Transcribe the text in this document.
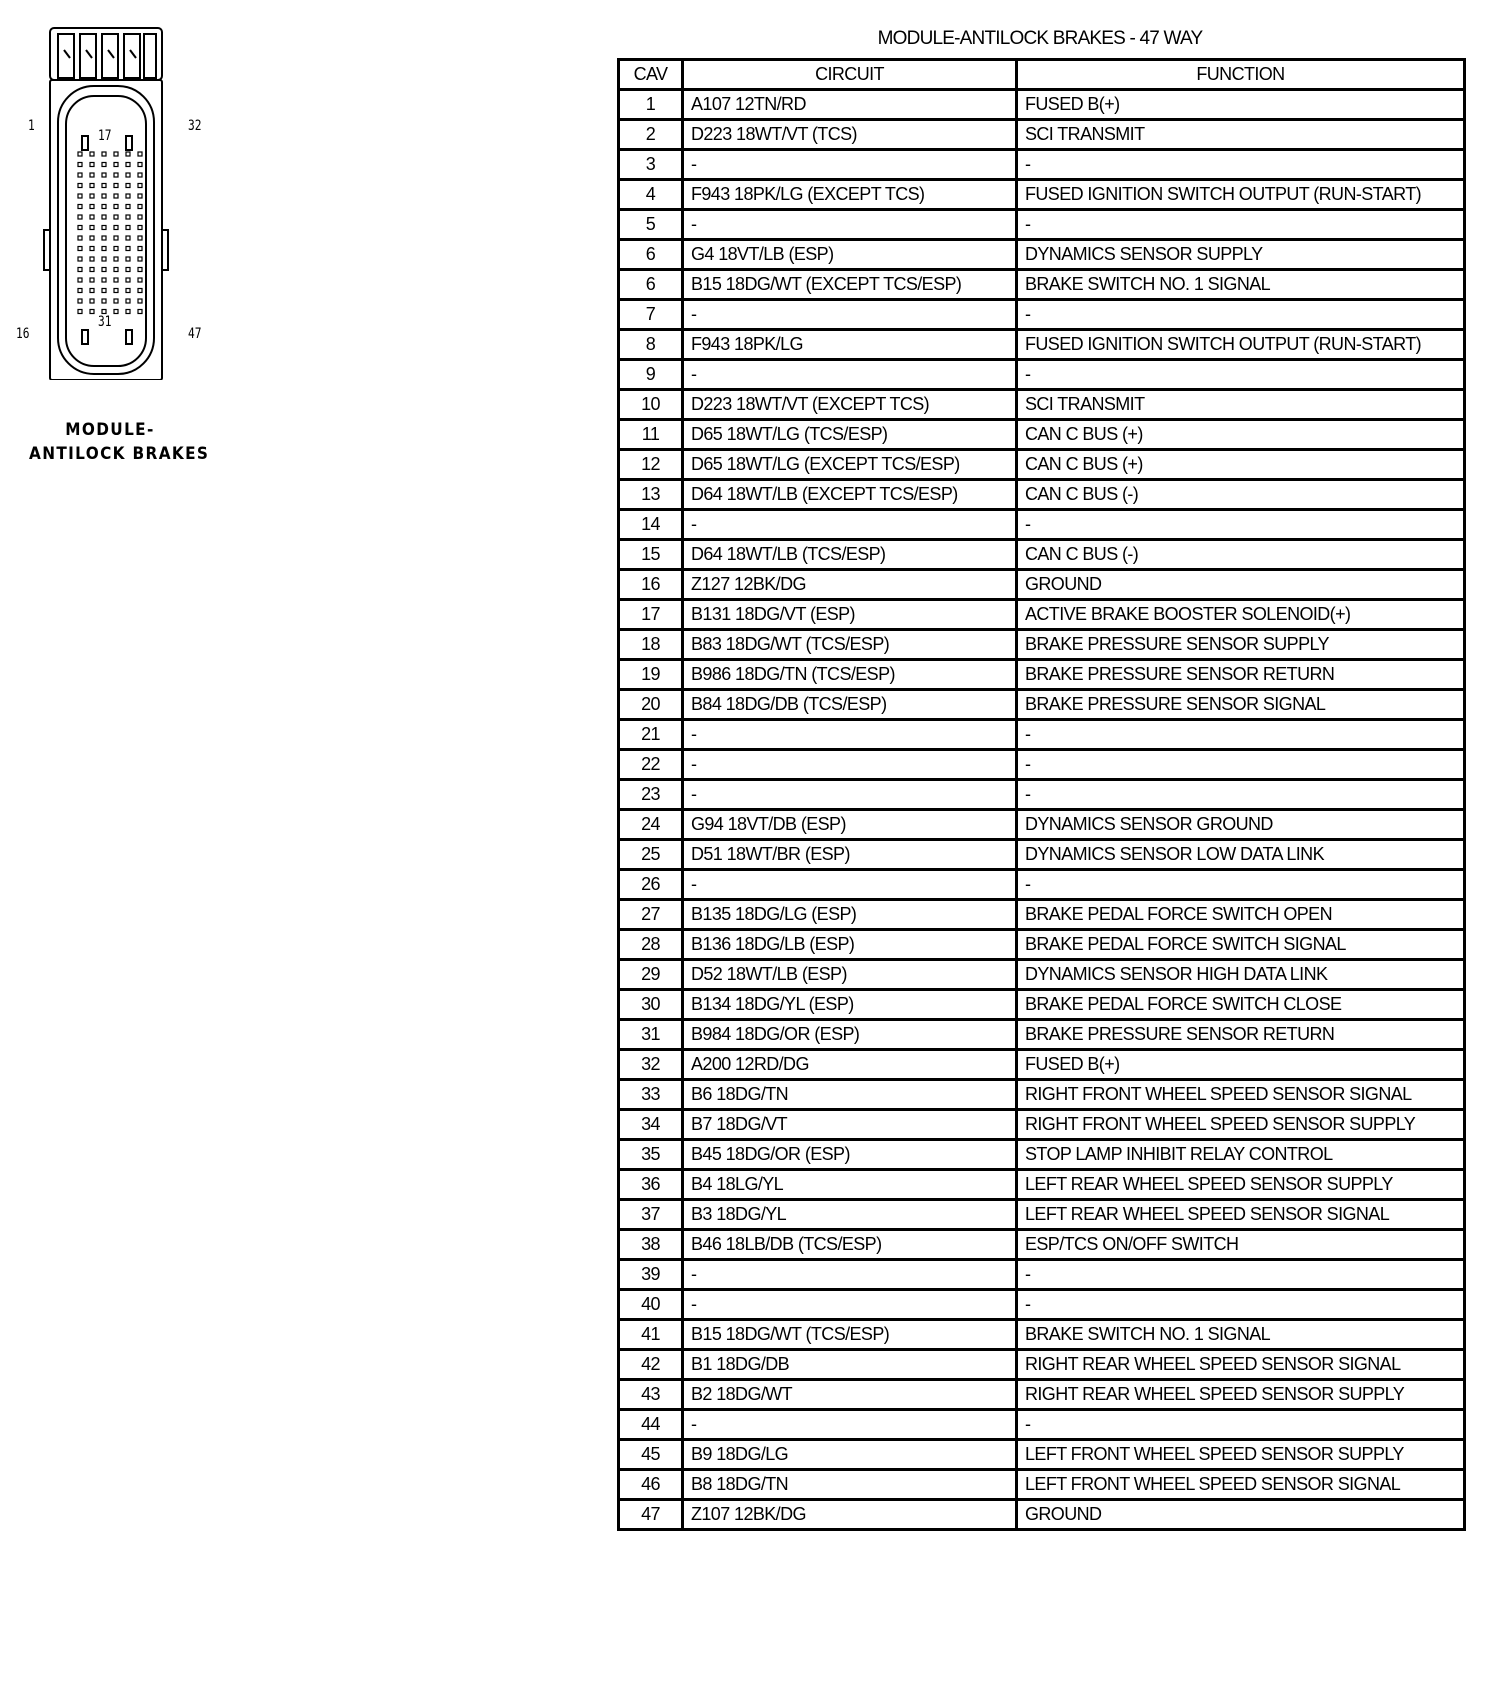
1	32
16	47
17
31
MODULE-
ANTILOCK BRAKES
MODULE-ANTILOCK BRAKES - 47 WAY
CAV	CIRCUIT	FUNCTION
1	A107 12TN/RD	FUSED B(+)
2	D223 18WT/VT (TCS)	SCI TRANSMIT
3	-	-
4	F943 18PK/LG (EXCEPT TCS)	FUSED IGNITION SWITCH OUTPUT (RUN-START)
5	-	-
6	G4 18VT/LB (ESP)	DYNAMICS SENSOR SUPPLY
6	B15 18DG/WT (EXCEPT TCS/ESP)	BRAKE SWITCH NO. 1 SIGNAL
7	-	-
8	F943 18PK/LG	FUSED IGNITION SWITCH OUTPUT (RUN-START)
9	-	-
10	D223 18WT/VT (EXCEPT TCS)	SCI TRANSMIT
11	D65 18WT/LG (TCS/ESP)	CAN C BUS (+)
12	D65 18WT/LG (EXCEPT TCS/ESP)	CAN C BUS (+)
13	D64 18WT/LB (EXCEPT TCS/ESP)	CAN C BUS (-)
14	-	-
15	D64 18WT/LB (TCS/ESP)	CAN C BUS (-)
16	Z127 12BK/DG	GROUND
17	B131 18DG/VT (ESP)	ACTIVE BRAKE BOOSTER SOLENOID(+)
18	B83 18DG/WT (TCS/ESP)	BRAKE PRESSURE SENSOR SUPPLY
19	B986 18DG/TN (TCS/ESP)	BRAKE PRESSURE SENSOR RETURN
20	B84 18DG/DB (TCS/ESP)	BRAKE PRESSURE SENSOR SIGNAL
21	-	-
22	-	-
23	-	-
24	G94 18VT/DB (ESP)	DYNAMICS SENSOR GROUND
25	D51 18WT/BR (ESP)	DYNAMICS SENSOR LOW DATA LINK
26	-	-
27	B135 18DG/LG (ESP)	BRAKE PEDAL FORCE SWITCH OPEN
28	B136 18DG/LB (ESP)	BRAKE PEDAL FORCE SWITCH SIGNAL
29	D52 18WT/LB (ESP)	DYNAMICS SENSOR HIGH DATA LINK
30	B134 18DG/YL (ESP)	BRAKE PEDAL FORCE SWITCH CLOSE
31	B984 18DG/OR (ESP)	BRAKE PRESSURE SENSOR RETURN
32	A200 12RD/DG	FUSED B(+)
33	B6 18DG/TN	RIGHT FRONT WHEEL SPEED SENSOR SIGNAL
34	B7 18DG/VT	RIGHT FRONT WHEEL SPEED SENSOR SUPPLY
35	B45 18DG/OR (ESP)	STOP LAMP INHIBIT RELAY CONTROL
36	B4 18LG/YL	LEFT REAR WHEEL SPEED SENSOR SUPPLY
37	B3 18DG/YL	LEFT REAR WHEEL SPEED SENSOR SIGNAL
38	B46 18LB/DB (TCS/ESP)	ESP/TCS ON/OFF SWITCH
39	-	-
40	-	-
41	B15 18DG/WT (TCS/ESP)	BRAKE SWITCH NO. 1 SIGNAL
42	B1 18DG/DB	RIGHT REAR WHEEL SPEED SENSOR SIGNAL
43	B2 18DG/WT	RIGHT REAR WHEEL SPEED SENSOR SUPPLY
44	-	-
45	B9 18DG/LG	LEFT FRONT WHEEL SPEED SENSOR SUPPLY
46	B8 18DG/TN	LEFT FRONT WHEEL SPEED SENSOR SIGNAL
47	Z107 12BK/DG	GROUND
